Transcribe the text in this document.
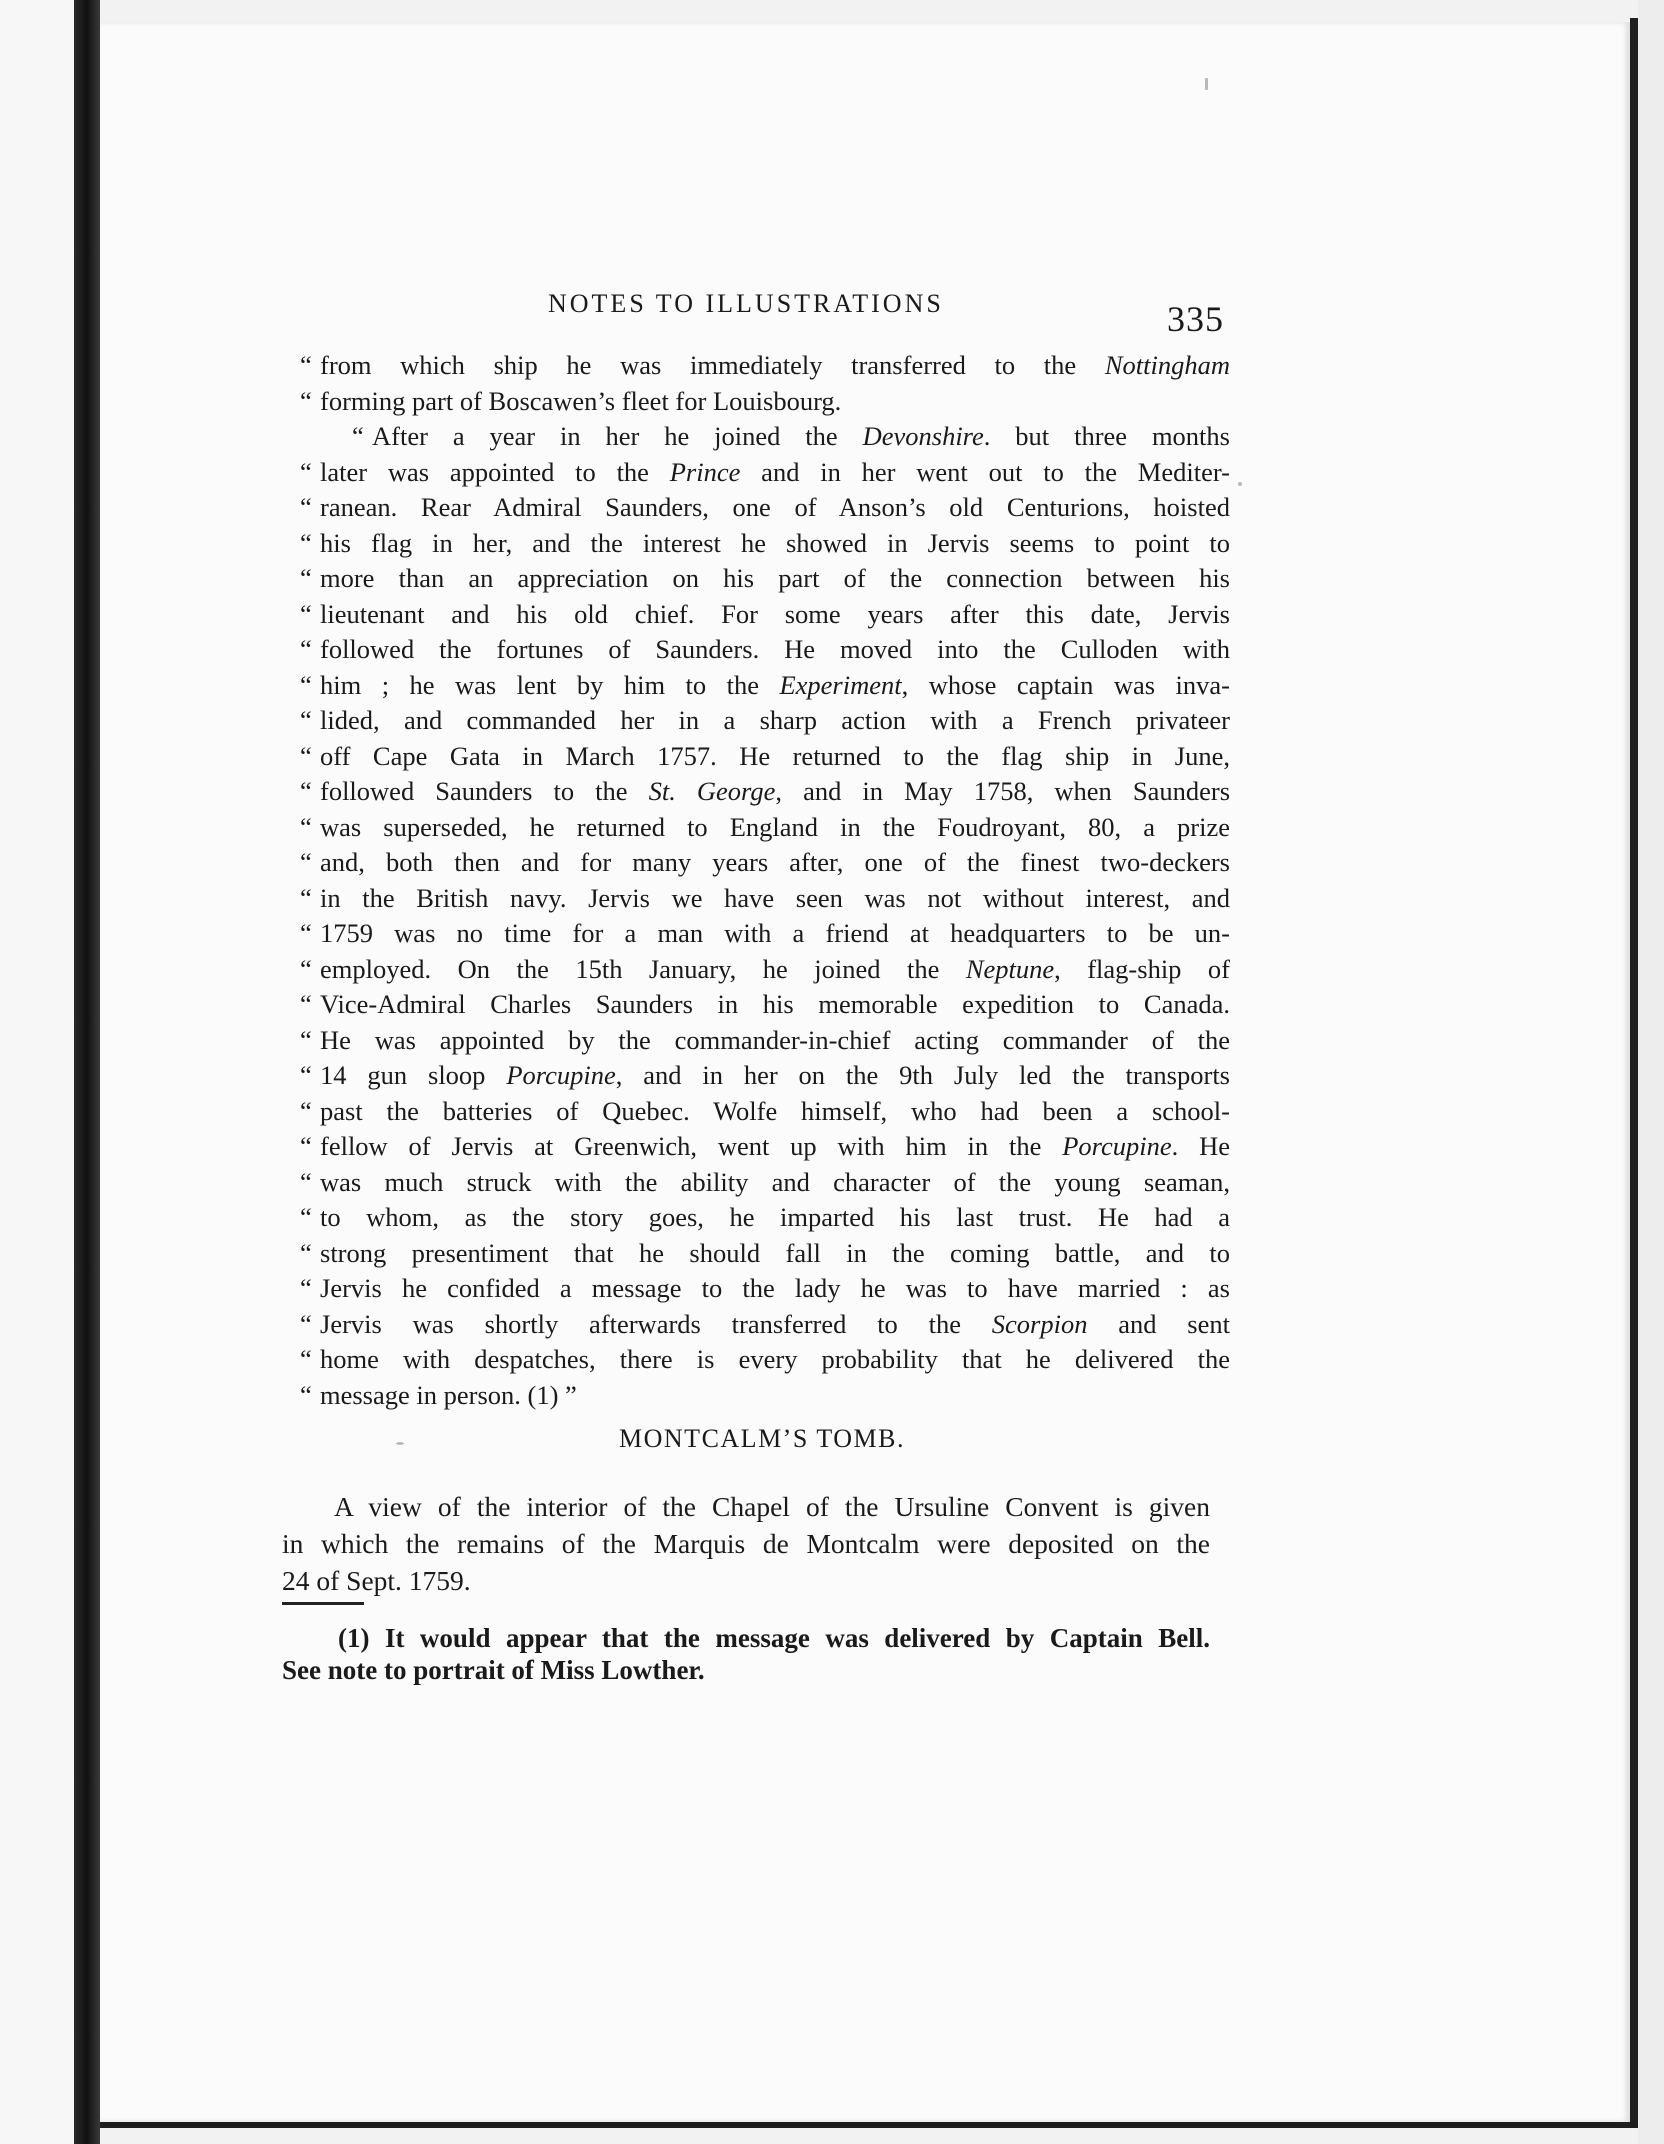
NOTES TO ILLUSTRATIONS	335
“ from which ship he was immediately transferred to the Nottingham
“ forming part of Boscawen’s fleet for Louisbourg.
“ After a year in her he joined the Devonshire. but three months
“ later was appointed to the Prince and in her went out to the Mediter-
“ ranean. Rear Admiral Saunders, one of Anson’s old Centurions, hoisted
“ his flag in her, and the interest he showed in Jervis seems to point to
“ more than an appreciation on his part of the connection between his
“ lieutenant and his old chief. For some years after this date, Jervis
“ followed the fortunes of Saunders. He moved into the Culloden with
“ him ; he was lent by him to the Experiment, whose captain was inva-
“ lided, and commanded her in a sharp action with a French privateer
“ off Cape Gata in March 1757. He returned to the flag ship in June,
“ followed Saunders to the St. George, and in May 1758, when Saunders
“ was superseded, he returned to England in the Foudroyant, 80, a prize
“ and, both then and for many years after, one of the finest two-deckers
“ in the British navy. Jervis we have seen was not without interest, and
“ 1759 was no time for a man with a friend at headquarters to be un-
“ employed. On the 15th January, he joined the Neptune, flag-ship of
“ Vice-Admiral Charles Saunders in his memorable expedition to Canada.
“ He was appointed by the commander-in-chief acting commander of the
“ 14 gun sloop Porcupine, and in her on the 9th July led the transports
“ past the batteries of Quebec. Wolfe himself, who had been a school-
“ fellow of Jervis at Greenwich, went up with him in the Porcupine. He
“ was much struck with the ability and character of the young seaman,
“ to whom, as the story goes, he imparted his last trust. He had a
“ strong presentiment that he should fall in the coming battle, and to
“ Jervis he confided a message to the lady he was to have married : as
“ Jervis was shortly afterwards transferred to the Scorpion and sent
“ home with despatches, there is every probability that he delivered the
“ message in person. (1) ”
MONTCALM’S TOMB.
A view of the interior of the Chapel of the Ursuline Convent is given
in which the remains of the Marquis de Montcalm were deposited on the
24 of Sept. 1759.
(1) It would appear that the message was delivered by Captain Bell.
See note to portrait of Miss Lowther.
